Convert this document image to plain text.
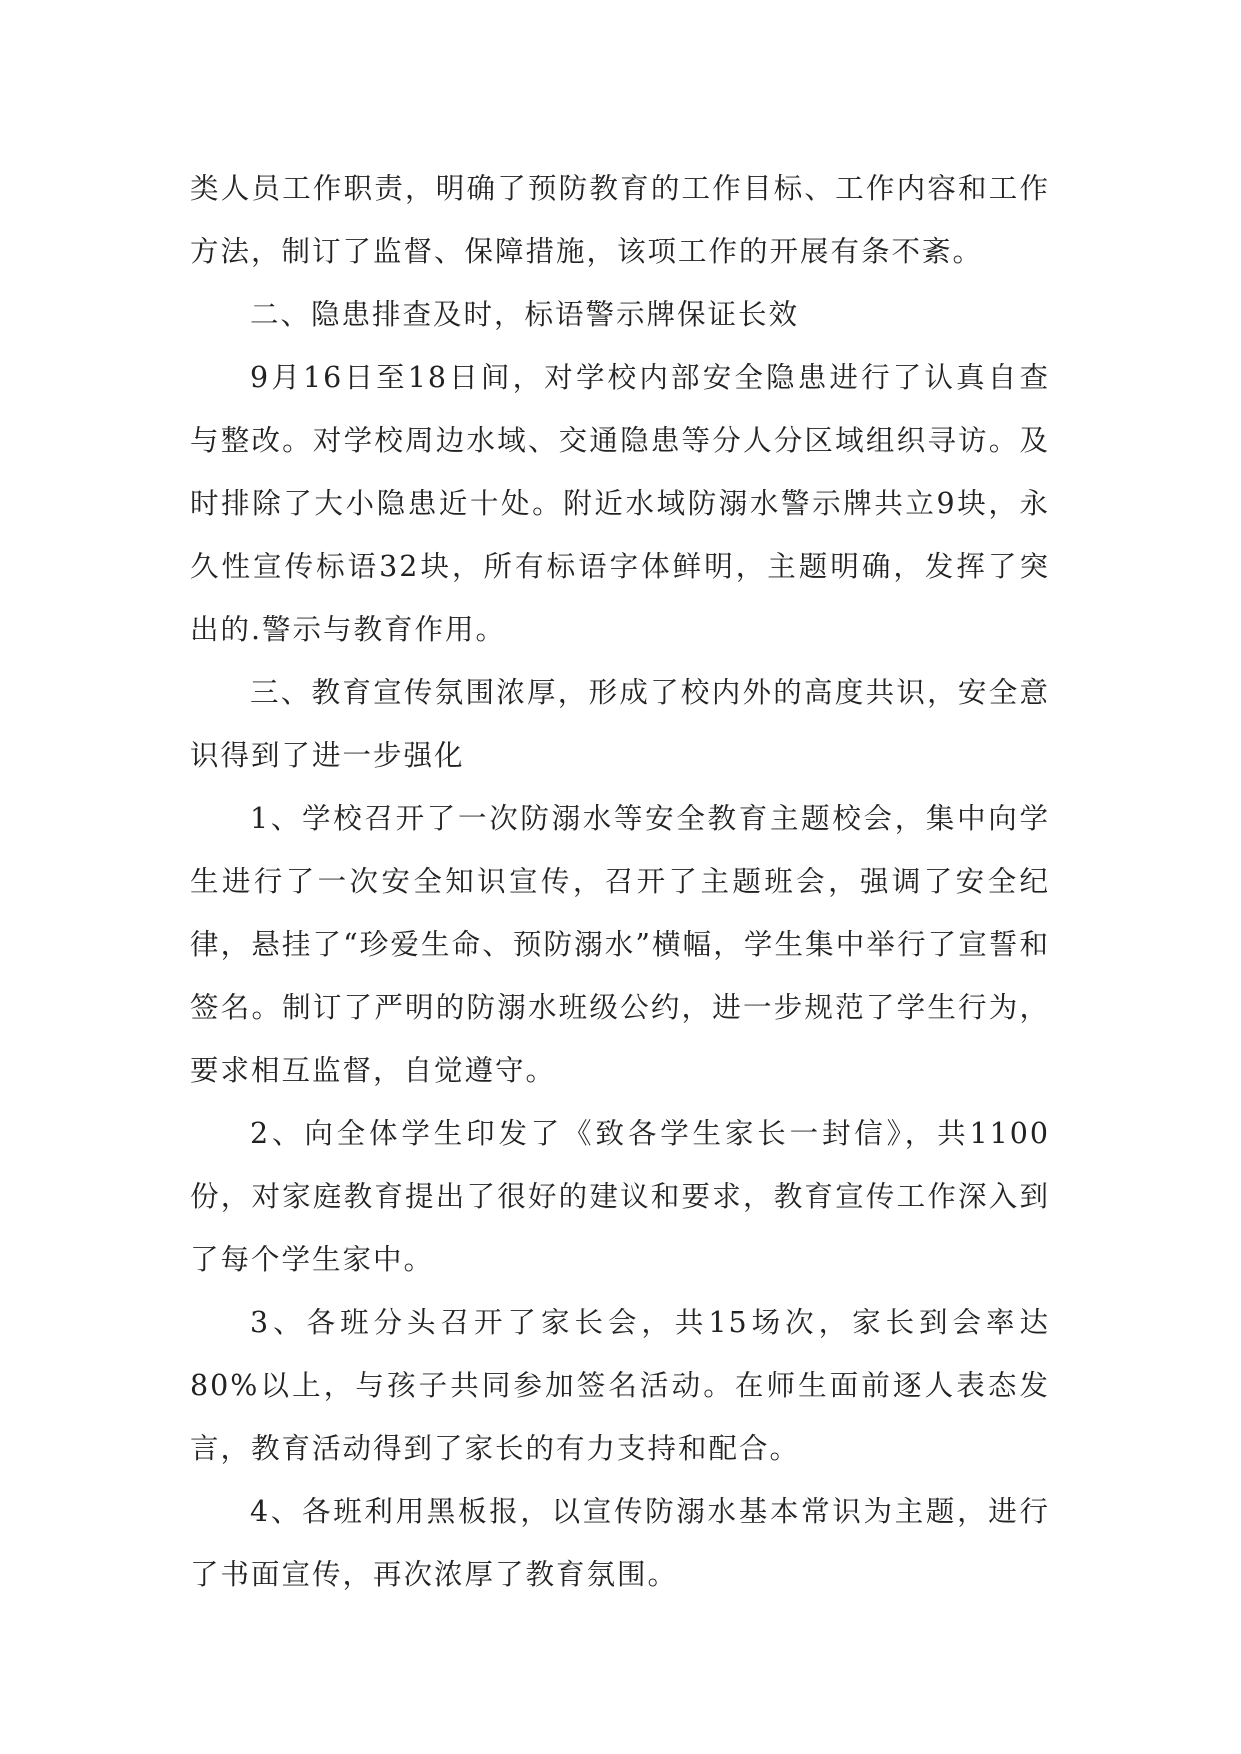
类人员工作职责，明确了预防教育的工作目标、工作内容和工作方法，制订了监督、保障措施，该项工作的开展有条不紊。

二、隐患排查及时，标语警示牌保证长效

9月16日至18日间，对学校内部安全隐患进行了认真自查与整改。对学校周边水域、交通隐患等分人分区域组织寻访。及时排除了大小隐患近十处。附近水域防溺水警示牌共立9块，永久性宣传标语32块，所有标语字体鲜明，主题明确，发挥了突出的.警示与教育作用。

三、教育宣传氛围浓厚，形成了校内外的高度共识，安全意识得到了进一步强化

1、学校召开了一次防溺水等安全教育主题校会，集中向学生进行了一次安全知识宣传，召开了主题班会，强调了安全纪律，悬挂了“珍爱生命、预防溺水”横幅，学生集中举行了宣誓和签名。制订了严明的防溺水班级公约，进一步规范了学生行为，要求相互监督，自觉遵守。

2、向全体学生印发了《致各学生家长一封信》，共1100份，对家庭教育提出了很好的建议和要求，教育宣传工作深入到了每个学生家中。

3、各班分头召开了家长会，共15场次，家长到会率达80%以上，与孩子共同参加签名活动。在师生面前逐人表态发言，教育活动得到了家长的有力支持和配合。

4、各班利用黑板报，以宣传防溺水基本常识为主题，进行了书面宣传，再次浓厚了教育氛围。
